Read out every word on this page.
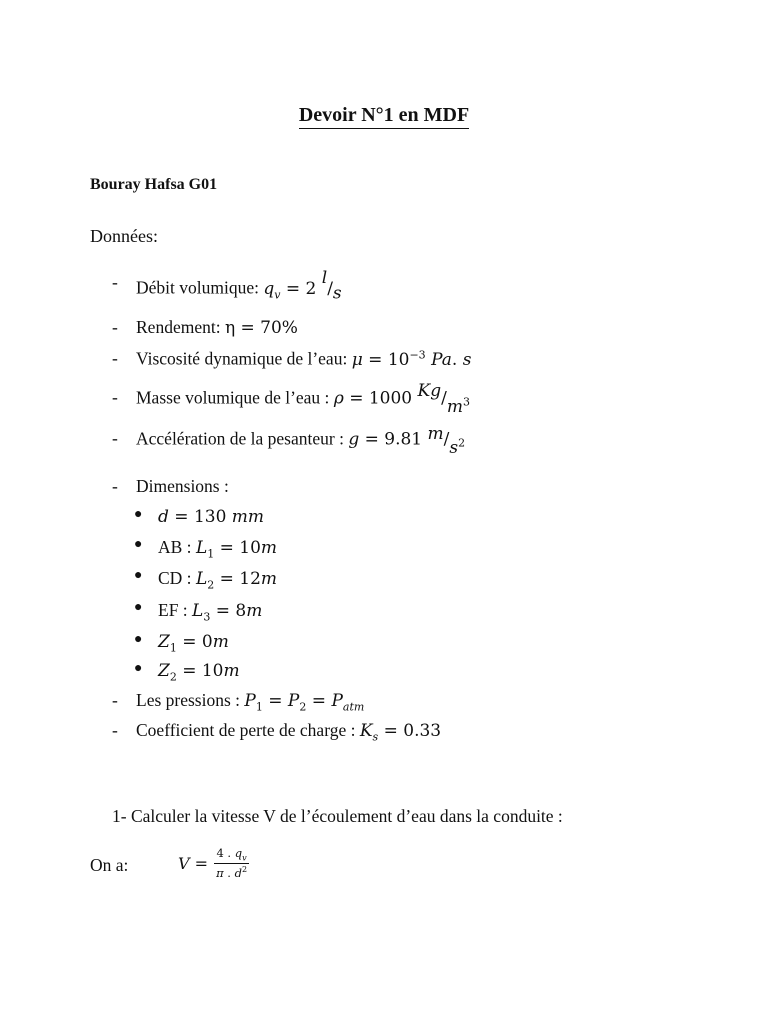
Devoir N°1 en MDF
Bouray Hafsa G01
Données:
- Débit volumique: $q_v = 2$ $^l/_s$
- Rendement: η = 70%
- Viscosité dynamique de l’eau: $\mu = 10^{-3}$ Pa. s
- Masse volumique de l’eau : ρ = 1000 $Kg/m^3$
- Accélération de la pesanteur : g = 9.81 $m/s^2$
- Dimensions :
● d = 130 mm
● AB : $L_1 = 10m$
● CD : $L_2 = 12m$
● EF : $L_3 = 8m$
● $Z_1 = 0m$
● $Z_2 = 10m$
- Les pressions : $P_1 = P_2 = P_{atm}$
- Coefficient de perte de charge : $K_s = 0.33$
1- Calculer la vitesse V de l’écoulement d’eau dans la conduite :
On a:	$V = \frac{4 . q_v}{\pi . d^2}$
